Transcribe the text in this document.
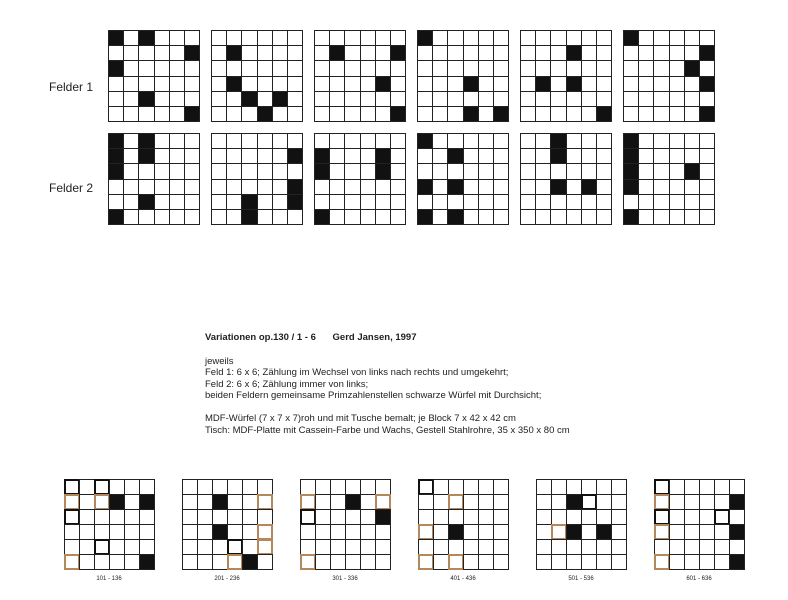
Felder 1
Felder 2
101 - 136	201 - 236	301 - 336	401 - 436	501 - 536	601 - 636
Variationen op.130 / 1 - 6 Gerd Jansen, 1997
jeweils
Feld 1: 6 x 6; Zählung im Wechsel von links nach rechts und umgekehrt;
Feld 2: 6 x 6; Zählung immer von links;
beiden Feldern gemeinsame Primzahlenstellen schwarze Würfel mit Durchsicht;
MDF-Würfel (7 x 7 x 7)roh und mit Tusche bemalt; je Block 7 x 42 x 42 cm
Tisch: MDF-Platte mit Cassein-Farbe und Wachs, Gestell Stahlrohre, 35 x 350 x 80 cm
